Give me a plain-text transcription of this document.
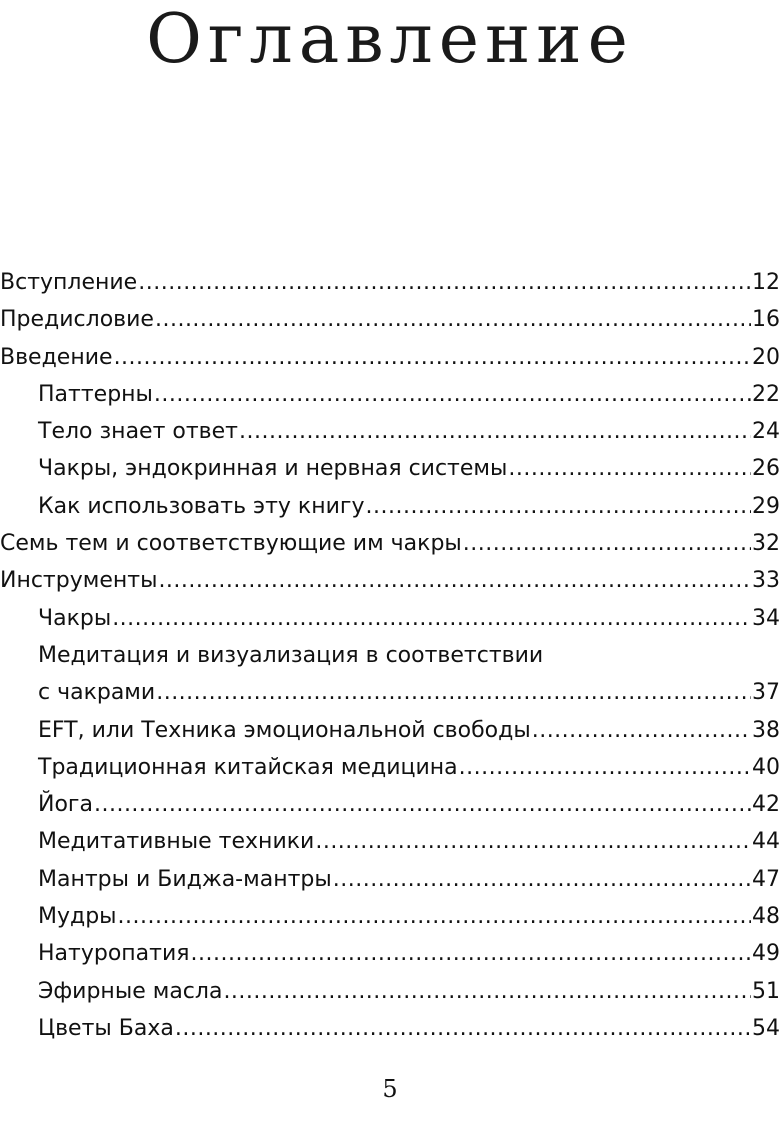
Оглавление
Вступление .....	12
Предисловие .....	16
Введение .....	20
Паттерны .....	22
Тело знает ответ .....	24
Чакры, эндокринная и нервная системы .....	26
Как использовать эту книгу .....	29
Семь тем и соответствующие им чакры .....	32
Инструменты .....	33
Чакры .....	34
Медитация и визуализация в соответствии
с чакрами .....	37
EFT, или Техника эмоциональной свободы .....	38
Традиционная китайская медицина .....	40
Йога .....	42
Медитативные техники .....	44
Мантры и Биджа-мантры .....	47
Мудры .....	48
Натуропатия .....	49
Эфирные масла .....	51
Цветы Баха .....	54
5
